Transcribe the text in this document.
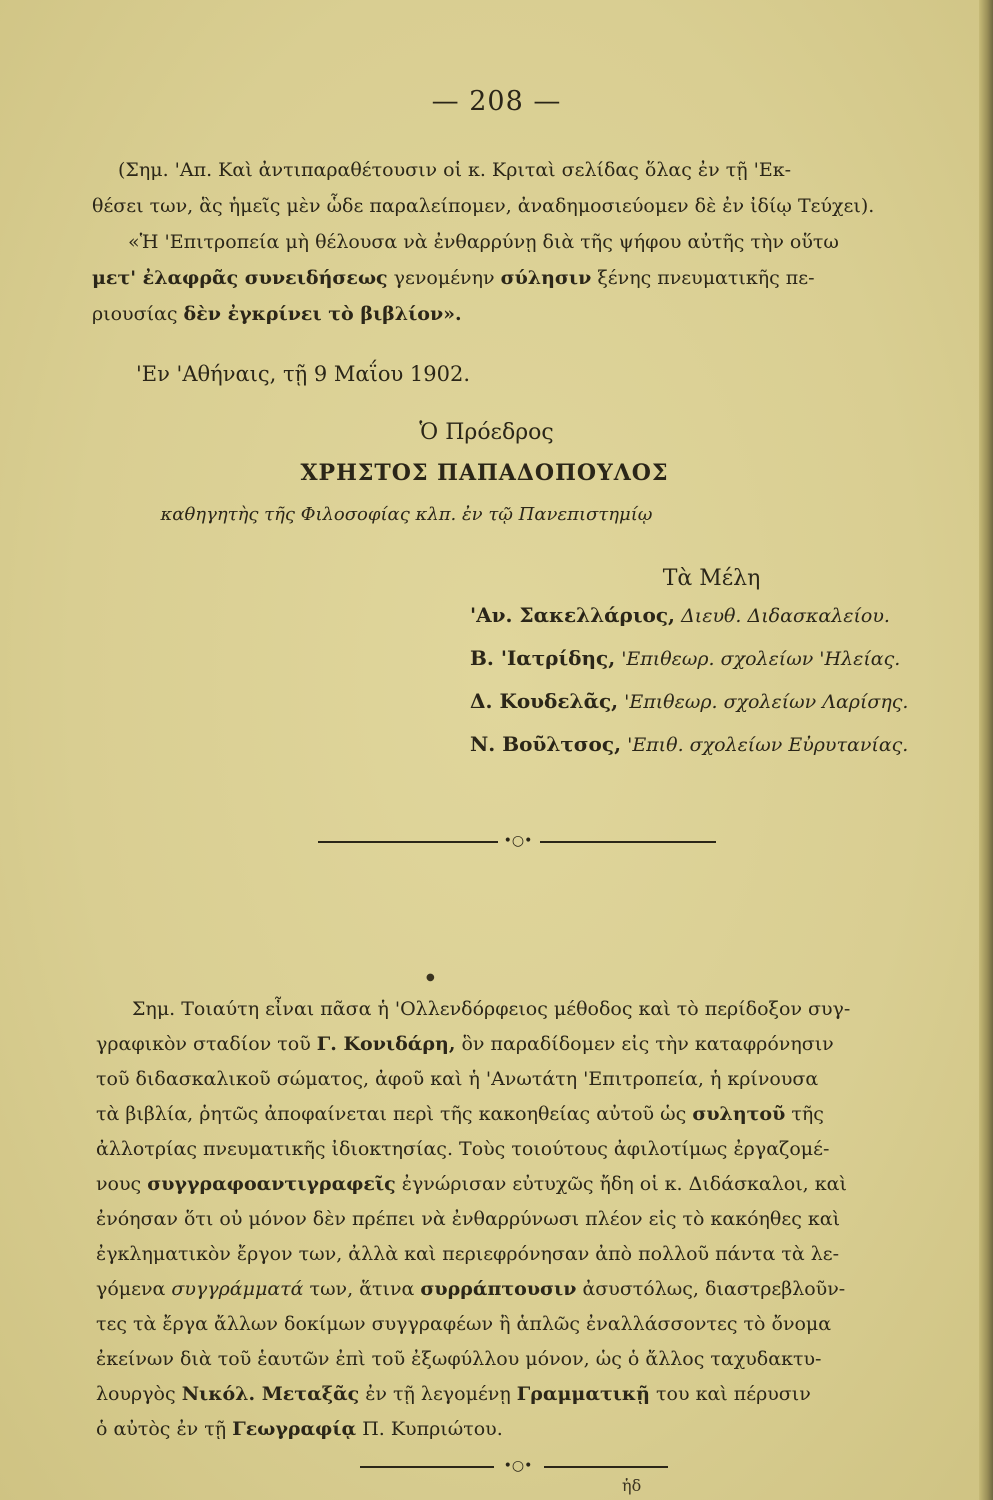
— 208 —
(Σημ. 'Απ. Καὶ ἀντιπαραθέτουσιν οἱ κ. Κριταὶ σελίδας ὅλας ἐν τῇ 'Εκ-
θέσει των, ἃς ἡμεῖς μὲν ὧδε παραλείπομεν, ἀναδημοσιεύομεν δὲ ἐν ἰδίῳ Τεύχει).
«Ἡ 'Επιτροπεία μὴ θέλουσα νὰ ἐνθαρρύνῃ διὰ τῆς ψήφου αὐτῆς τὴν οὕτω
μετ' ἐλαφρᾶς συνειδήσεως γενομένην σύλησιν ξένης πνευματικῆς πε-
ριουσίας δὲν ἐγκρίνει τὸ βιβλίον».
'Εν 'Αθήναις, τῇ 9 Μαΐου 1902.
Ὁ Πρόεδρος
ΧΡΗΣΤΟΣ ΠΑΠΑΔΟΠΟΥΛΟΣ
καθηγητὴς τῆς Φιλοσοφίας κλπ. ἐν τῷ Πανεπιστημίῳ
Τὰ Μέλη
'Αν. Σακελλάριος, Διευθ. Διδασκαλείου.
Β. 'Ιατρίδης, 'Επιθεωρ. σχολείων 'Ηλείας.
Δ. Κουδελᾶς, 'Επιθεωρ. σχολείων Λαρίσης.
Ν. Βοῦλτσος, 'Επιθ. σχολείων Εὐρυτανίας.
•○•
●
Σημ. Τοιαύτη εἶναι πᾶσα ἡ 'Ολλενδόρφειος μέθοδος καὶ τὸ περίδοξον συγ-
γραφικὸν σταδίον τοῦ Γ. Κονιδάρη, ὃν παραδίδομεν εἰς τὴν καταφρόνησιν
τοῦ διδασκαλικοῦ σώματος, ἀφοῦ καὶ ἡ 'Ανωτάτη 'Επιτροπεία, ἡ κρίνουσα
τὰ βιβλία, ῥητῶς ἀποφαίνεται περὶ τῆς κακοηθείας αὐτοῦ ὡς συλητοῦ τῆς
ἀλλοτρίας πνευματικῆς ἰδιοκτησίας. Τοὺς τοιούτους ἀφιλοτίμως ἐργαζομέ-
νους συγγραφοαντιγραφεῖς ἐγνώρισαν εὐτυχῶς ἤδη οἱ κ. Διδάσκαλοι, καὶ
ἐνόησαν ὅτι οὐ μόνον δὲν πρέπει νὰ ἐνθαρρύνωσι πλέον εἰς τὸ κακόηθες καὶ
ἐγκληματικὸν ἔργον των, ἀλλὰ καὶ περιεφρόνησαν ἀπὸ πολλοῦ πάντα τὰ λε-
γόμενα συγγράμματά των, ἅτινα συρράπτουσιν ἀσυστόλως, διαστρεβλοῦν-
τες τὰ ἔργα ἄλλων δοκίμων συγγραφέων ἢ ἁπλῶς ἐναλλάσσοντες τὸ ὄνομα
ἐκείνων διὰ τοῦ ἑαυτῶν ἐπὶ τοῦ ἐξωφύλλου μόνον, ὡς ὁ ἄλλος ταχυδακτυ-
λουργὸς Νικόλ. Μεταξᾶς ἐν τῇ λεγομένῃ Γραμματικῇ του καὶ πέρυσιν
ὁ αὐτὸς ἐν τῇ Γεωγραφίᾳ Π. Κυπριώτου.
•○•
ἡδ
